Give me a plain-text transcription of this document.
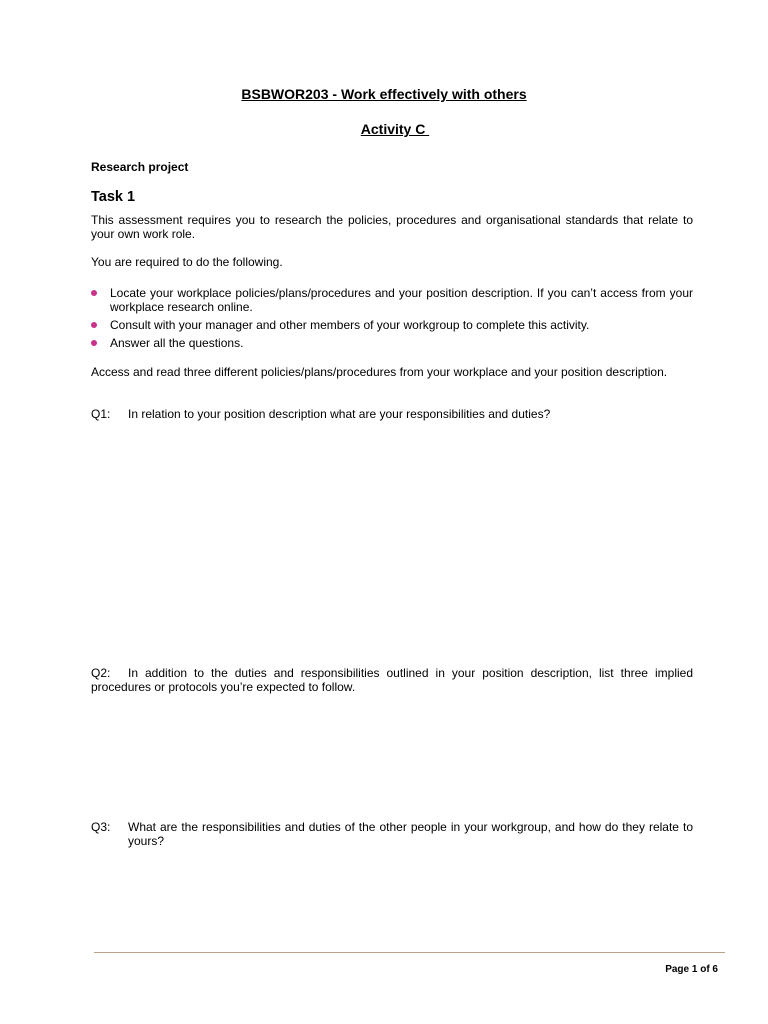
BSBWOR203 - Work effectively with others
Activity C
Research project
Task 1
This assessment requires you to research the policies, procedures and organisational standards that relate to your own work role.
You are required to do the following.
Locate your workplace policies/plans/procedures and your position description. If you can’t access from your workplace research online.
Consult with your manager and other members of your workgroup to complete this activity.
Answer all the questions.
Access and read three different policies/plans/procedures from your workplace and your position description.
Q1:	In relation to your position description what are your responsibilities and duties?
Q2: In addition to the duties and responsibilities outlined in your position description, list three implied procedures or protocols you’re expected to follow.
Q3:	What are the responsibilities and duties of the other people in your workgroup, and how do they relate to yours?
Page 1 of 6
